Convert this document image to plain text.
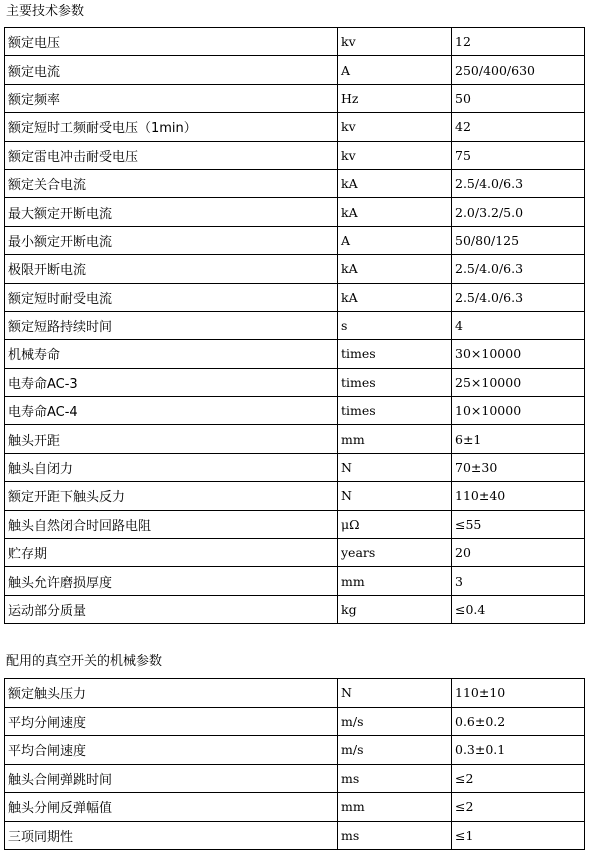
主要技术参数
额定电压	kv	12
额定电流	A	250/400/630
额定频率	Hz	50
额定短时工频耐受电压（1min）	kv	42
额定雷电冲击耐受电压	kv	75
额定关合电流	kA	2.5/4.0/6.3
最大额定开断电流	kA	2.0/3.2/5.0
最小额定开断电流	A	50/80/125
极限开断电流	kA	2.5/4.0/6.3
额定短时耐受电流	kA	2.5/4.0/6.3
额定短路持续时间	s	4
机械寿命	times	30×10000
电寿命AC-3	times	25×10000
电寿命AC-4	times	10×10000
触头开距	mm	6±1
触头自闭力	N	70±30
额定开距下触头反力	N	110±40
触头自然闭合时回路电阻	μΩ	≤55
贮存期	years	20
触头允许磨损厚度	mm	3
运动部分质量	kg	≤0.4
配用的真空开关的机械参数
额定触头压力	N	110±10
平均分闸速度	m/s	0.6±0.2
平均合闸速度	m/s	0.3±0.1
触头合闸弹跳时间	ms	≤2
触头分闸反弹幅值	mm	≤2
三项同期性	ms	≤1
